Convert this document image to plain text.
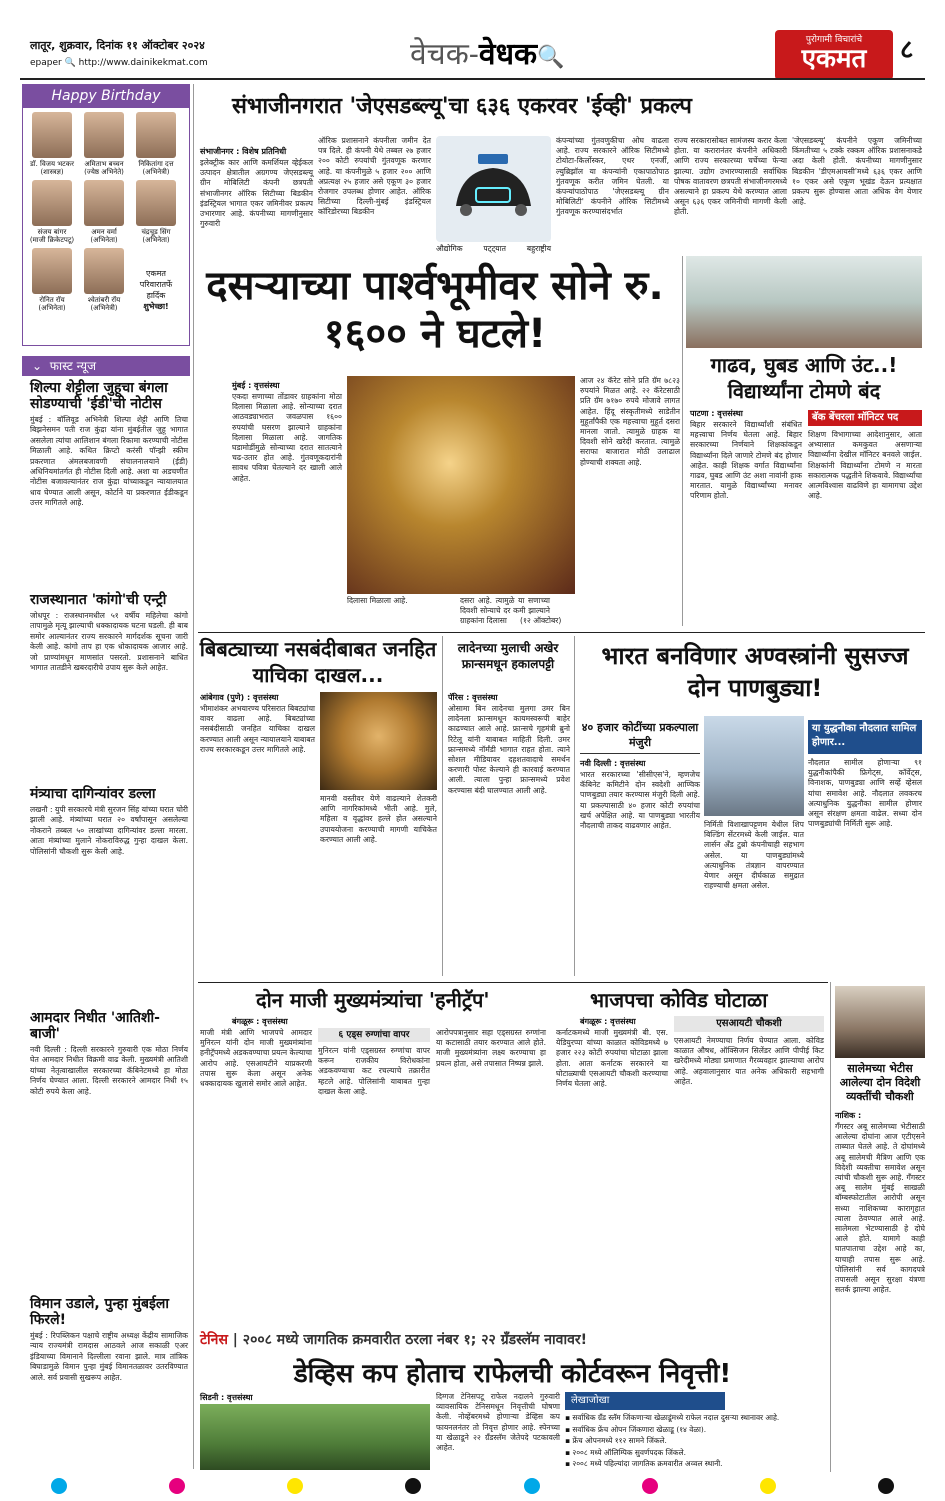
लातूर, शुक्रवार, दिनांक ११ ऑक्टोबर २०२४
epaper 🔍 http://www.dainikekmat.com	वेचक-वेधक🔍
पुरोगामी विचारांचे
एकमत	८
Happy Birthday
डॉ. विजय भटकर
(शास्त्रज्ञ)
अमिताभ बच्चन
(ज्येष्ठ अभिनेते)
निकितांगा दत्त
(अभिनेत्री)
संजय बांगर
(माजी क्रिकेटपटू)
अमन वर्मा
(अभिनेता)
चंद्रचूड सिंग
(अभिनेता)
रोनित रॉय
(अभिनेता)
श्वेतांबरी रॉय
(अभिनेत्री)
एकमत परिवारातर्फे हार्दिक
शुभेच्छा!
⌄ फास्ट न्यूज
शिल्पा शेट्टीला जुहूचा बंगला सोडण्याची 'ईडी'ची नोटीस
मुंबई : बॉलिवूड अभिनेत्री शिल्पा शेट्टी आणि तिचा बिझनेसमन पती राज कुंद्रा यांना मुंबईतील जुहू भागात असलेला त्यांचा आलिशान बंगला रिकामा करण्याची नोटीस मिळाली आहे. कथित क्रिप्टो करंसी पॉन्झी स्कीम प्रकरणात अंमलबजावणी संचालनालयाने (ईडी) अधिनियमांतर्गत ही नोटीस दिली आहे. अशा या अडचणीत नोटीस बजावल्यानंतर राज कुंद्रा यांच्याकडून न्यायालयात धाव घेण्यात आली असून, कोर्टाने या प्रकरणात ईडीकडून उत्तर मागितले आहे.
राजस्थानात 'कांगो'ची एन्ट्री
जोधपूर : राजस्थानमधील ५१ वर्षीय महिलेचा कांगो तापामुळे मृत्यू झाल्याची धक्कादायक घटना घडली. ही बाब समोर आल्यानंतर राज्य सरकारने मार्गदर्शक सूचना जारी केली आहे. कांगो ताप हा एक धोकादायक आजार आहे. जो प्राण्यांमधून माणसांत पसरतो. प्रशासनाने बाधित भागात तातडीने खबरदारीचे उपाय सुरू केले आहेत.
मंत्र्याचा दागिन्यांवर डल्ला
लखनौ : युपी सरकारचे मंत्री सुरजन सिंह यांच्या घरात चोरी झाली आहे. मंत्र्यांच्या घरात २० वर्षांपासून असलेल्या नोकराने तब्बल ५० लाखांच्या दागिन्यांवर डल्ला मारला. आता मंत्र्यांच्या मुलाने नोकराविरुद्ध गुन्हा दाखल केला. पोलिसांनी चौकशी सुरू केली आहे.
आमदार निधीत 'आतिशी-बाजी'
नवी दिल्ली : दिल्ली सरकारने गुरुवारी एक मोठा निर्णय घेत आमदार निधीत विक्रमी वाढ केली. मुख्यमंत्री आतिशी यांच्या नेतृत्वाखालील सरकारच्या कॅबिनेटमध्ये हा मोठा निर्णय घेण्यात आला. दिल्ली सरकारने आमदार निधी १५ कोटी रुपये केला आहे.
विमान उडाले, पुन्हा मुंबईला फिरले!
मुंबई : रिपब्लिकन पक्षाचे राष्ट्रीय अध्यक्ष केंद्रीय सामाजिक न्याय राज्यमंत्री रामदास आठवले आज सकाळी एअर इंडियाच्या विमानाने दिल्लीला रवाना झाले. मात्र तांत्रिक बिघाडामुळे विमान पुन्हा मुंबई विमानतळावर उतरविण्यात आले. सर्व प्रवासी सुखरूप आहेत.
संभाजीनगरात 'जेएसडब्ल्यू'चा ६३६ एकरवर 'ईव्ही' प्रकल्प
संभाजीनगर : विशेष प्रतिनिधी
इलेक्ट्रीक कार आणि कमर्शियल व्हेईकल उत्पादन क्षेत्रातील अग्रगण्य जेएसडब्ल्यू ग्रीन मोबिलिटी कंपनी छत्रपती संभाजीनगर ऑरिक सिटीच्या बिडकीन इंडस्ट्रियल भागात एकर जमिनीवर प्रकल्प उभारणार आहे. कंपनीच्या मागणीनुसार गुरुवारी
ऑरिक प्रशासनाने कंपनीला जमीन देत पत्र दिले. ही कंपनी येथे तब्बल २७ हजार २०० कोटी रुपयांची गुंतवणूक करणार आहे. या कंपनीमुळे ५ हजार २०० आणि अप्रत्यक्ष २५ हजार असे एकूण ३० हजार रोजगार उपलब्ध होणार आहेत. ऑरिक सिटीच्या दिल्ली-मुंबई इंडस्ट्रियल कॉरिडोरच्या बिडकीन
औद्योगिक	पट्ट्यात	बहुराष्ट्रीय
कंपन्यांच्या गुंतवणुकीचा ओघ वाढला आहे. राज्य सरकारने ऑरिक सिटीमध्ये टोयोटा-किर्लोस्कर, एथर एनर्जी, ल्युब्रिझॉल या कंपन्यांनी एकापाठोपाठ गुंतवणूक करीत जमिन घेतली. या कंपन्यांपाठोपाठ 'जेएसडब्ल्यू ग्रीन मोबिलिटी' कंपनीने ऑरिक सिटीमध्ये गुंतवणूक करण्यासंदर्भात
राज्य सरकारासोबत सामंजस्य करार केला होता. या करारानंतर कंपनीने अधिकारी आणि राज्य सरकारच्या चर्चेच्या फेऱ्या झाल्या. उद्योग उभारण्यासाठी सर्वाधिक पोषक वातावरण छत्रपती संभाजीनगरमध्ये असल्याने हा प्रकल्प येथे करण्यात आला असून ६३६ एकर जमिनीची मागणी केली होती.
'जेएसडब्ल्यू' कंपनीने एकूण जमिनीच्या किंमतीच्या ५ टक्के रक्कम ऑरिक प्रशासनाकडे अदा केली होती. कंपनीच्या मागणीनुसार बिडकीन 'डीएमआयसी'मध्ये ६३६ एकर आणि १० एकर असे एकूण भूखंड देऊन प्रत्यक्षात प्रकल्प सुरू होण्यास आता अधिक वेग येणार आहे.
दसऱ्याच्या पार्श्वभूमीवर सोने रु. १६०० ने घटले!
मुंबई : वृत्तसंस्था
एकदा सणाच्या तोंडावर ग्राहकांना मोठा दिलासा मिळाला आहे. सोन्याच्या दरात आठवड्याभरात जवळपास १६०० रुपयांची घसरण झाल्याने ग्राहकांना दिलासा मिळाला आहे. जागतिक घडामोडींमुळे सोन्याच्या दरात सातत्याने चढ-उतार होत आहे. गुंतवणूकदारांनी सावध पवित्रा घेतल्याने दर खाली आले आहेत.
दिलासा मिळाला आहे.	दसरा आहे. त्यामुळे या सणाच्या दिवशी सोन्याचे दर कमी झाल्याने ग्राहकांना दिलासा	(१२ ऑक्टोबर)
आज २४ कॅरेट सोने प्रति ग्रॅम ७८२३ रुपयांने मिळत आहे. २२ कॅरेटसाठी प्रति ग्रॅम ७१७० रुपये मोजावे लागत आहेत. हिंदू संस्कृतीमध्ये साडेतीन मुहूर्तांपैकी एक महत्त्वाचा मुहूर्त दसरा मानला जातो. त्यामुळे ग्राहक या दिवशी सोने खरेदी करतात. त्यामुळे सराफा बाजारात मोठी उलाढाल होण्याची शक्यता आहे.
गाढव, घुबड आणि उंट..! विद्यार्थ्यांना टोमणे बंद
पाटणा : वृत्तसंस्था
बिहार सरकारने विद्यार्थ्यांशी संबंधित महत्त्वाचा निर्णय घेतला आहे. बिहार सरकारच्या निर्णयाने शिक्षकांकडून विद्यार्थ्यांना दिले जाणारे टोमणे बंद होणार आहेत. काही शिक्षक वर्गात विद्यार्थ्यांना गाढव, घुबड आणि उंट अशा नावांनी हाक मारतात. यामुळे विद्यार्थ्यांच्या मनावर परिणाम होतो.
बॅक बेंचरला मॉनिटर पद
शिक्षण विभागाच्या आदेशानुसार, आता अभ्यासात कमकुवत असणाऱ्या विद्यार्थ्यांना देखील मॉनिटर बनवले जाईल. शिक्षकांनी विद्यार्थ्यांना टोमणे न मारता सकारात्मक पद्धतीने शिकवावे. विद्यार्थ्यांचा आत्मविश्वास वाढविणे हा यामागचा उद्देश आहे.
बिबट्याच्या नसबंदीबाबत जनहित याचिका दाखल...
आंबेगाव (पुणे) : वृत्तसंस्था
भीमाशंकर अभयारण्य परिसरात बिबट्यांचा वावर वाढला आहे. बिबट्यांच्या नसबंदीसाठी जनहित याचिका दाखल करण्यात आली असून न्यायालयाने याबाबत राज्य सरकारकडून उत्तर मागितले आहे.
मानवी वस्तीवर येणे वाढल्याने शेतकरी आणि नागरिकांमध्ये भीती आहे. मुले, महिला व वृद्धांवर हल्ले होत असल्याने उपाययोजना करण्याची मागणी याचिकेत करण्यात आली आहे.
लादेनच्या मुलाची अखेर फ्रान्समधून हकालपट्टी
पॅरिस : वृत्तसंस्था
ओसामा बिन लादेनचा मुलगा उमर बिन लादेनला फ्रान्समधून कायमस्वरूपी बाहेर काढण्यात आले आहे. फ्रान्सचे गृहमंत्री ब्रुनो रिटेलू यांनी याबाबत माहिती दिली. उमर फ्रान्समध्ये नॉर्मंडी भागात राहत होता. त्याने सोशल मीडियावर दहशतवादाचे समर्थन करणारी पोस्ट केल्याने ही कारवाई करण्यात आली. त्याला पुन्हा फ्रान्समध्ये प्रवेश करण्यास बंदी घालण्यात आली आहे.
भारत बनविणार अण्वस्त्रांनी सुसज्ज दोन पाणबुड्या!
४० हजार कोटींच्या प्रकल्पाला मंजुरी
नवी दिल्ली : वृत्तसंस्था
भारत सरकारच्या 'सीसीएस'ने, म्हणजेच कॅबिनेट कमिटीने दोन स्वदेशी आण्विक पाणबुड्या तयार करण्यास मंजुरी दिली आहे. या प्रकल्पासाठी ४० हजार कोटी रुपयांचा खर्च अपेक्षित आहे. या पाणबुड्या भारतीय नौदलाची ताकद वाढवणार आहेत.	निर्मिती विशाखापट्टणम येथील शिप बिल्डिंग सेंटरमध्ये केली जाईल. यात लार्सन अँड टुब्रो कंपनीचाही सहभाग असेल. या पाणबुड्यांमध्ये अत्याधुनिक तंत्रज्ञान वापरण्यात येणार असून दीर्घकाळ समुद्रात राहण्याची क्षमता असेल.
या युद्धनौका नौदलात सामिल होणार...
नौदलात सामील होणाऱ्या ९१ युद्धनौकांपैकी फ्रिगेट्स, कॉर्वेट्स, विनाशक, पाणबुड्या आणि सर्व्हे व्हेसल यांचा समावेश आहे. नौदलात लवकरच अत्याधुनिक युद्धनौका सामील होणार असून संरक्षण क्षमता वाढेल. सध्या दोन पाणबुड्यांची निर्मिती सुरू आहे.
दोन माजी मुख्यमंत्र्यांचा 'हनीट्रॅप'
बंगळूरू : वृत्तसंस्था
माजी मंत्री आणि भाजपचे आमदार मुनिरत्न यांनी दोन माजी मुख्यमंत्र्यांना हनीट्रॅपमध्ये अडकवण्याचा प्रयत्न केल्याचा आरोप आहे. एसआयटीने याप्रकरणी तपास सुरू केला असून अनेक धक्कादायक खुलासे समोर आले आहेत.
६ एड्स रुग्णांचा वापर
मुनिरत्न यांनी एड्सग्रस्त रुग्णांचा वापर करून राजकीय विरोधकांना अडकवण्याचा कट रचल्याचे तक्रारीत म्हटले आहे. पोलिसांनी याबाबत गुन्हा दाखल केला आहे.
आरोपपत्रानुसार सहा एड्सग्रस्त रुग्णांना या कटासाठी तयार करण्यात आले होते. माजी मुख्यमंत्र्यांना लक्ष्य करण्याचा हा प्रयत्न होता, असे तपासात निष्पन्न झाले.
भाजपचा कोविड घोटाळा
बंगळूरू : वृत्तसंस्था
कर्नाटकमध्ये माजी मुख्यमंत्री बी. एस. येडियुरप्पा यांच्या काळात कोविडमध्ये ७ हजार २२३ कोटी रुपयांचा घोटाळा झाला होता. आता कर्नाटक सरकारने या घोटाळ्याची एसआयटी चौकशी करण्याचा निर्णय घेतला आहे.
एसआयटी चौकशी
एसआयटी नेमण्याचा निर्णय घेण्यात आला. कोविड काळात औषध, ऑक्सिजन सिलेंडर आणि पीपीई किट खरेदीमध्ये मोठ्या प्रमाणात गैरव्यवहार झाल्याचा आरोप आहे. अहवालानुसार यात अनेक अधिकारी सहभागी आहेत.
सालेमच्या भेटीस आलेल्या दोन विदेशी व्यक्तींची चौकशी
नाशिक :
गँगस्टर अबू सालेमच्या भेटीसाठी आलेल्या दोघांना आज एटीएसने ताब्यात घेतले आहे. ते दोघांमध्ये अबू सालेमची मैत्रिण आणि एक विदेशी व्यक्तीचा समावेश असून त्यांची चौकशी सुरू आहे. गँगस्टर अबू सालेम मुंबई साखळी बॉम्बस्फोटातील आरोपी असून सध्या नाशिकच्या कारागृहात त्याला ठेवण्यात आले आहे. सालेमला भेटण्यासाठी हे दोघे आले होते. यामागे काही घातपाताचा उद्देश आहे का, याचाही तपास सुरू आहे. पोलिसांनी सर्व कागदपत्रे तपासली असून सुरक्षा यंत्रणा सतर्क झाल्या आहेत.
टेनिस | २००८ मध्ये जागतिक क्रमवारीत ठरला नंबर १; २२ ग्रँडस्लॅम नावावर!
डेव्हिस कप होताच राफेलची कोर्टवरून निवृत्ती!
सिडनी : वृत्तसंस्था	दिग्गज टेनिसपटू राफेल नदालने गुरुवारी व्यावसायिक टेनिसमधून निवृत्तीची घोषणा केली. नोव्हेंबरमध्ये होणाऱ्या डेव्हिस कप फायनलनंतर तो निवृत्त होणार आहे. स्पेनच्या या खेळाडूने २२ ग्रँडस्लॅम जेतेपदे पटकावली आहेत.
लेखाजोखा
▪ सर्वाधिक ग्रँड स्लॅम जिंकणाऱ्या खेळाडूंमध्ये राफेल नदाल दुसऱ्या स्थानावर आहे.
▪ सर्वाधिक फ्रेंच ओपन जिंकणारा खेळाडू (१४ वेळा).
▪ फ्रेंच ओपनमध्ये ११२ सामने जिंकले.
▪ २००८ मध्ये ऑलिम्पिक सुवर्णपदक जिंकले.
▪ २००८ मध्ये पहिल्यांदा जागतिक क्रमवारीत अव्वल स्थानी.
